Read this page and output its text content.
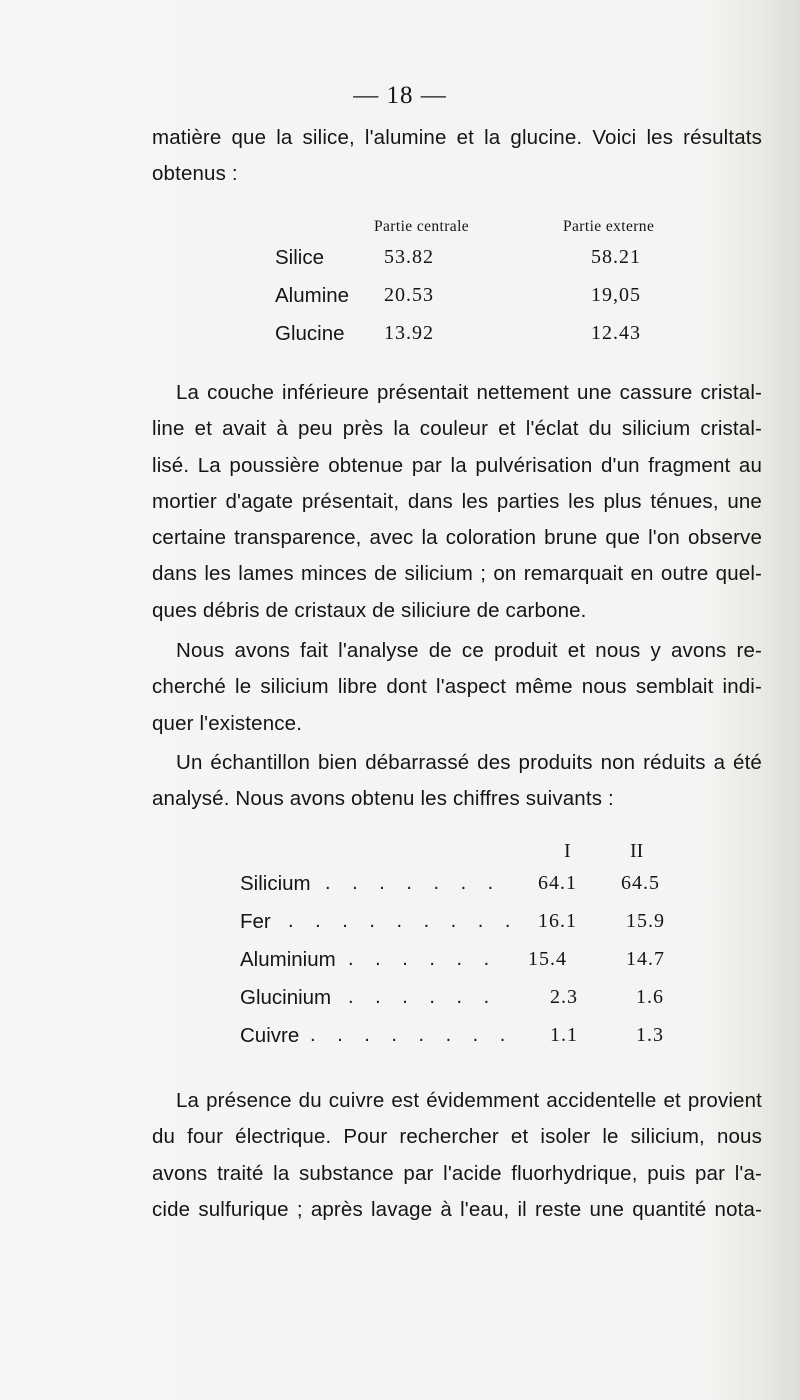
— 18 —
matière que la silice, l'alumine et la glucine. Voici les résultats
obtenus :
Partie centrale	Partie externe
Silice	53.82	58.21
Alumine 20.53	19,05
Glucine 13.92	12.43
La couche inférieure présentait nettement une cassure cristal-
line et avait à peu près la couleur et l'éclat du silicium cristal-
lisé. La poussière obtenue par la pulvérisation d'un fragment au
mortier d'agate présentait, dans les parties les plus ténues, une
certaine transparence, avec la coloration brune que l'on observe
dans les lames minces de silicium ; on remarquait en outre quel-
ques débris de cristaux de siliciure de carbone.
Nous avons fait l'analyse de ce produit et nous y avons re-
cherché le silicium libre dont l'aspect même nous semblait indi-
quer l'existence.
Un échantillon bien débarrassé des produits non réduits a été
analysé. Nous avons obtenu les chiffres suivants :
I	II
Silicium . . . . . . . 64.1 64.5
Fer . . . . . . . . . 16.1 15.9
Aluminium . . . . . . 15.4	14.7
Glucinium . . . . . .	2.3	1.6
Cuivre . . . . . . . . 1.1	1.3
La présence du cuivre est évidemment accidentelle et provient
du four électrique. Pour rechercher et isoler le silicium, nous
avons traité la substance par l'acide fluorhydrique, puis par l'a-
cide sulfurique ; après lavage à l'eau, il reste une quantité nota-
